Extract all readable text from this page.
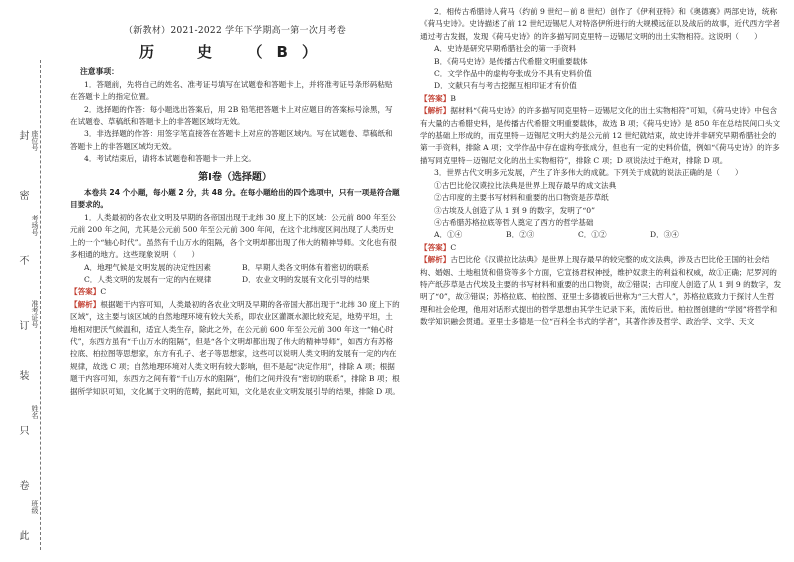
封
密
不
订
装
只
卷
此
座位号
考场号
准考证号
姓名
班级
（新教材）2021-2022 学年下学期高一第一次月考卷
历　史　（B）
注意事项：

1．答题前，先将自己的姓名、准考证号填写在试题卷和答题卡上，并将准考证号条形码粘贴在答题卡上的指定位置。

2．选择题的作答：每小题选出答案后，用 2B 铅笔把答题卡上对应题目的答案标号涂黑，写在试题卷、草稿纸和答题卡上的非答题区域均无效。

3．非选择题的作答：用签字笔直接答在答题卡上对应的答题区域内。写在试题卷、草稿纸和答题卡上的非答题区域均无效。

4．考试结束后，请将本试题卷和答题卡一并上交。

第Ⅰ卷（选择题）

本卷共 24 个小题，每小题 2 分，共 48 分。在每小题给出的四个选项中，只有一项是符合题目要求的。

1．人类最初的各农业文明及早期的各帝国出现于北纬 30 度上下的区域：公元前 800 年至公元前 200 年之间，尤其是公元前 500 年至公元前 300 年间，在这个北纬度区间出现了人类历史上的一个“轴心时代”。虽然有千山万水的阻隔，各个文明却都出现了伟大的精神导师。文化也有很多相通的地方。这些现象说明（　　）

A．地理气候是文明发展的决定性因素	B．早期人类各文明体有着密切的联系
C．人类文明的发展有一定的内在规律	D．农业文明的发展有文化引导的结果

【答案】C

【解析】根据题干内容可知，人类最初的各农业文明及早期的各帝国大都出现于“北纬 30 度上下的区域”，这主要与该区域的自然地理环境有较大关系，即农业区灌溉水源比较充足，地势平坦，土地相对肥沃气候温和，适宜人类生存，除此之外，在公元前 600 年至公元前 300 年这一“轴心时代”，东西方虽有“千山万水的阻隔”，但是“各个文明却都出现了伟大的精神导师”，如西方有苏格拉底、柏拉图等思想家，东方有孔子、老子等思想家，这些可以说明人类文明的发展有一定的内在规律，故选 C 项；自然地理环境对人类文明有较大影响，但不是起“决定作用”，排除 A 项；根据题干内容可知，东西方之间有着“千山万水的阻隔”，他们之间并没有“密切的联系”，排除 B 项；根据所学知识可知，文化属于文明的范畴，据此可知，文化是农业文明发展引导的结果，排除 D 项。

2．相传古希腊诗人荷马（约前 9 世纪－前 8 世纪）创作了《伊利亚特》和《奥德赛》两部史诗，统称《荷马史诗》。史诗描述了前 12 世纪迈锡尼人对特洛伊所进行的大规模远征以及战后的故事，近代西方学者通过考古发掘，发现《荷马史诗》的许多描写同克里特－迈锡尼文明的出土实物相符。这说明（　　）

A．史诗是研究早期希腊社会的第一手资料

B．《荷马史诗》是传播古代希腊文明重要载体

C．文学作品中的虚构夸张成分不具有史料价值

D．文献只有与考古挖掘互相印证才有价值

【答案】B

【解析】据材料“《荷马史诗》的许多描写同克里特－迈锡尼文化的出土实物相符”可知，《荷马史诗》中包含有大量的古希腊史料，是传播古代希腊文明重要载体，故选 B 项；《荷马史诗》是 850 年在总结民间口头文学的基础上形成的，而克里特－迈锡尼文明大约是公元前 12 世纪就结束，故史诗并非研究早期希腊社会的第一手资料，排除 A 项；文学作品中存在虚构夸张成分，但也有一定的史料价值，例如“《荷马史诗》的许多描写同克里特－迈锡尼文化的出土实物相符”，排除 C 项；D 项说法过于绝对，排除 D 项。

3．世界古代文明多元发展，产生了许多伟大的成就。下列关于成就的说法正确的是（　　）

①古巴比伦汉谟拉比法典是世界上现存最早的成文法典

②古印度的主要书写材料和重要的出口物资是莎草纸

③古埃及人创造了从 1 到 9 的数字，发明了“0”

④古希腊苏格拉底等哲人奠定了西方的哲学基础

A．①④	B．②③	C．①②	D．③④

【答案】C

【解析】古巴比伦《汉谟拉比法典》是世界上现存最早的较完整的成文法典，涉及古巴比伦王国的社会结构、婚姻、土地租赁和借贷等多个方面，它宣扬君权神授，维护奴隶主的利益和权威，故①正确；尼罗河的特产纸莎草是古代埃及主要的书写材料和重要的出口物资，故②错误；古印度人创造了从 1 到 9 的数字，发明了“0”，故③错误；苏格拉底、柏拉图、亚里士多德被后世称为“三大哲人”，苏格拉底致力于探讨人生哲理和社会伦理，他用对话形式提出的哲学思想由其学生记录下来，流传后世。柏拉图创建的“学园”将哲学和数学知识融会贯通。亚里士多德是一位“百科全书式的学者”，其著作涉及哲学、政治学、文学、天文
